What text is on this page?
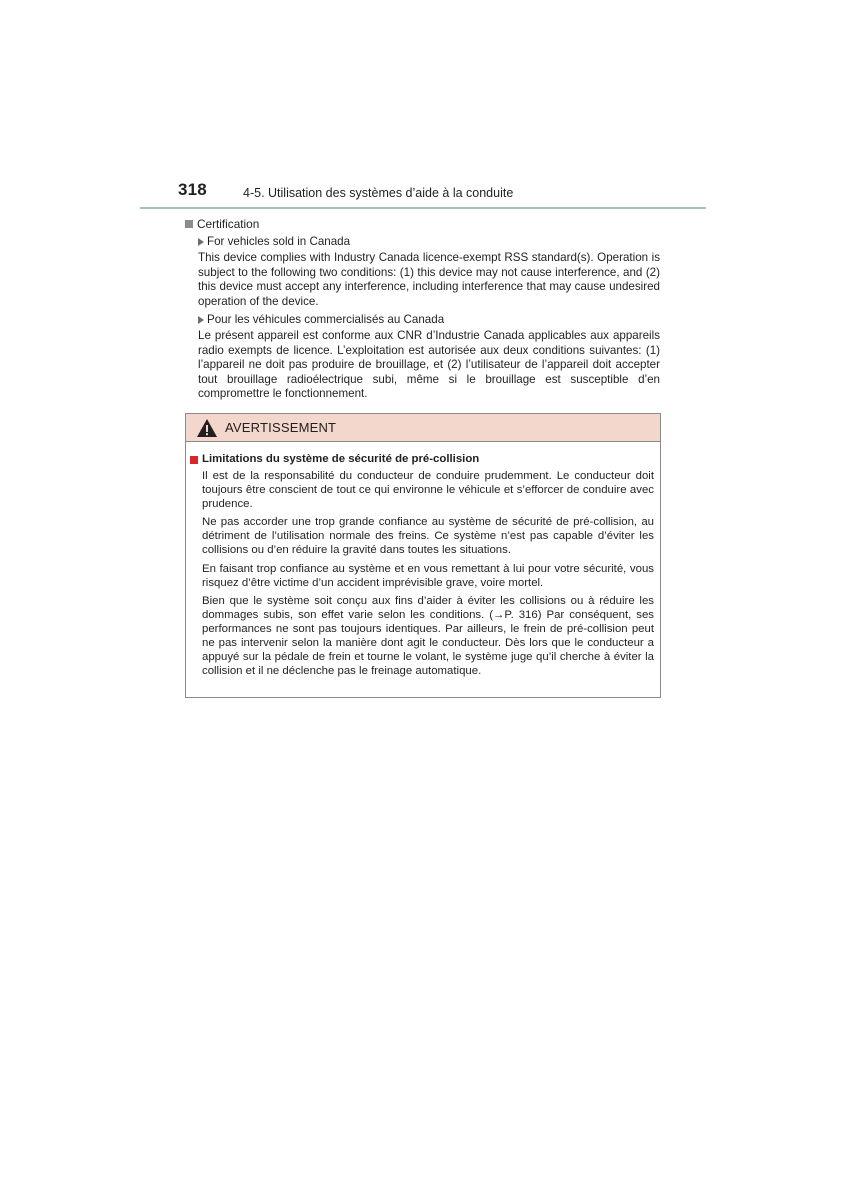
318	4-5. Utilisation des systèmes d’aide à la conduite
Certification
For vehicles sold in Canada
This device complies with Industry Canada licence-exempt RSS standard(s). Operation is subject to the following two conditions: (1) this device may not cause interference, and (2) this device must accept any interference, including interference that may cause undesired operation of the device.
Pour les véhicules commercialisés au Canada
Le présent appareil est conforme aux CNR d’Industrie Canada applicables aux appareils radio exempts de licence. L’exploitation est autorisée aux deux conditions suivantes: (1) l’appareil ne doit pas produire de brouillage, et (2) l’utilisateur de l’appareil doit accepter tout brouillage radioélectrique subi, même si le brouillage est susceptible d’en compromettre le fonctionnement.
AVERTISSEMENT
Limitations du système de sécurité de pré-collision
Il est de la responsabilité du conducteur de conduire prudemment. Le conducteur doit toujours être conscient de tout ce qui environne le véhicule et s’efforcer de conduire avec prudence.
Ne pas accorder une trop grande confiance au système de sécurité de pré-collision, au détriment de l’utilisation normale des freins. Ce système n’est pas capable d’éviter les collisions ou d’en réduire la gravité dans toutes les situations.
En faisant trop confiance au système et en vous remettant à lui pour votre sécurité, vous risquez d’être victime d’un accident imprévisible grave, voire mortel.
Bien que le système soit conçu aux fins d’aider à éviter les collisions ou à réduire les dommages subis, son effet varie selon les conditions. (→P. 316) Par conséquent, ses performances ne sont pas toujours identiques. Par ailleurs, le frein de pré-collision peut ne pas intervenir selon la manière dont agit le conducteur. Dès lors que le conducteur a appuyé sur la pédale de frein et tourne le volant, le système juge qu’il cherche à éviter la collision et il ne déclenche pas le freinage automatique.
